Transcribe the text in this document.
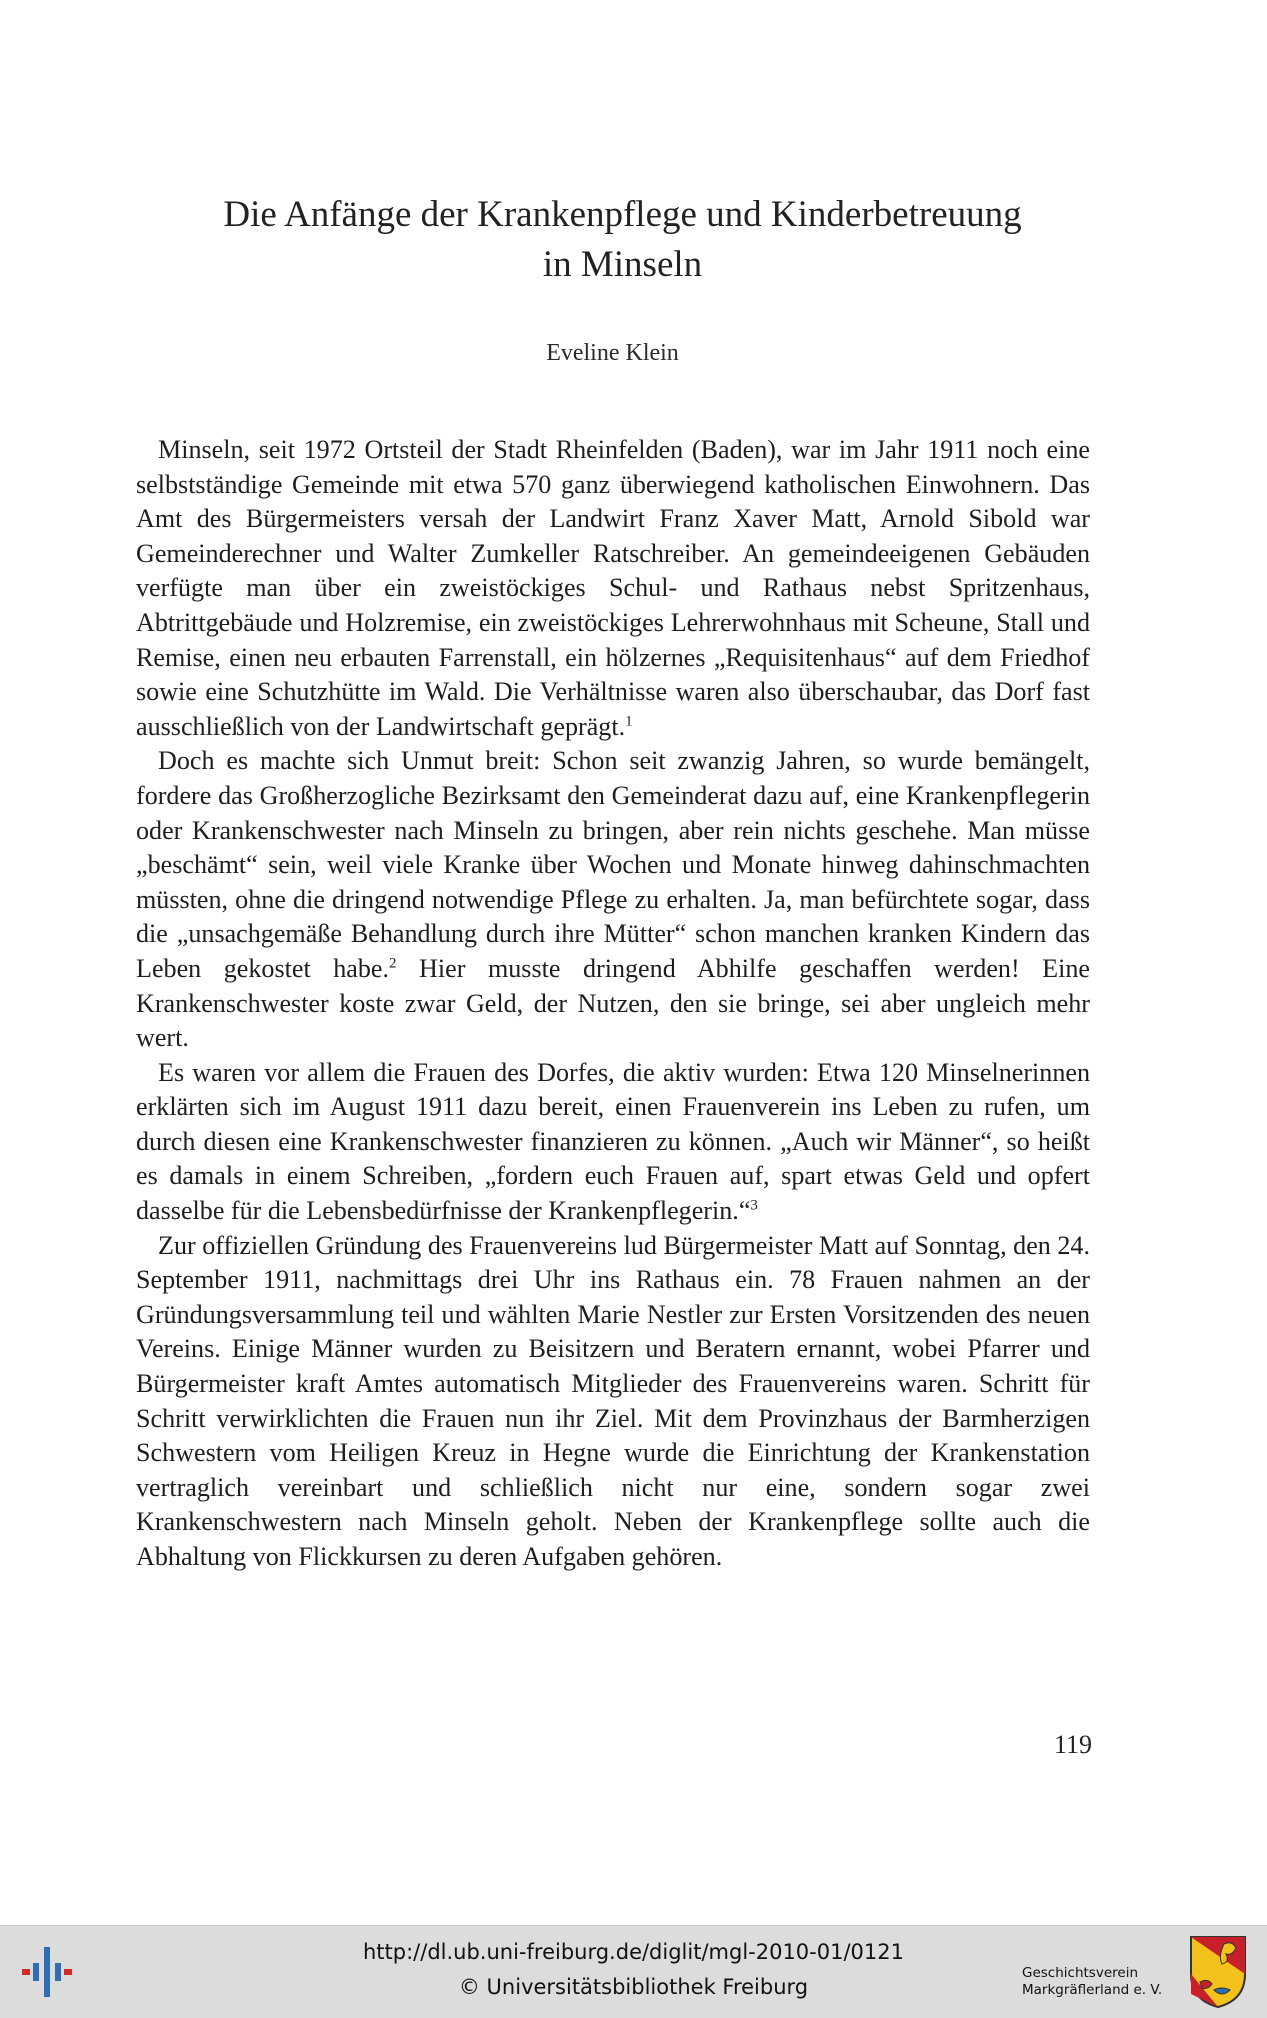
Die Anfänge der Krankenpflege und Kinderbetreuung
in Minseln
Eveline Klein

Minseln, seit 1972 Ortsteil der Stadt Rheinfelden (Baden), war im Jahr 1911 noch eine selbstständige Gemeinde mit etwa 570 ganz überwiegend katholischen Einwohnern. Das Amt des Bürgermeisters versah der Landwirt Franz Xaver Matt, Arnold Sibold war Gemeinderechner und Walter Zumkeller Ratschreiber. An gemeindeeigenen Gebäuden verfügte man über ein zweistöckiges Schul- und Rathaus nebst Spritzenhaus, Abtrittgebäude und Holzremise, ein zweistöckiges Lehrerwohnhaus mit Scheune, Stall und Remise, einen neu erbauten Farrenstall, ein hölzernes „Requisitenhaus“ auf dem Friedhof sowie eine Schutzhütte im Wald. Die Verhältnisse waren also überschaubar, das Dorf fast ausschließlich von der Landwirtschaft geprägt.$^1$

Doch es machte sich Unmut breit: Schon seit zwanzig Jahren, so wurde bemängelt, fordere das Großherzogliche Bezirksamt den Gemeinderat dazu auf, eine Krankenpflegerin oder Krankenschwester nach Minseln zu bringen, aber rein nichts geschehe. Man müsse „beschämt“ sein, weil viele Kranke über Wochen und Monate hinweg dahinschmachten müssten, ohne die dringend notwendige Pflege zu erhalten. Ja, man befürchtete sogar, dass die „unsachgemäße Behandlung durch ihre Mütter“ schon manchen kranken Kindern das Leben gekostet habe.$^2$ Hier musste dringend Abhilfe geschaffen werden! Eine Krankenschwester koste zwar Geld, der Nutzen, den sie bringe, sei aber ungleich mehr wert.

Es waren vor allem die Frauen des Dorfes, die aktiv wurden: Etwa 120 Minselnerinnen erklärten sich im August 1911 dazu bereit, einen Frauenverein ins Leben zu rufen, um durch diesen eine Krankenschwester finanzieren zu können. „Auch wir Männer“, so heißt es damals in einem Schreiben, „fordern euch Frauen auf, spart etwas Geld und opfert dasselbe für die Lebensbedürfnisse der Krankenpflegerin.“$^3$

Zur offiziellen Gründung des Frauenvereins lud Bürgermeister Matt auf Sonntag, den 24. September 1911, nachmittags drei Uhr ins Rathaus ein. 78 Frauen nahmen an der Gründungsversammlung teil und wählten Marie Nestler zur Ersten Vorsitzenden des neuen Vereins. Einige Männer wurden zu Beisitzern und Beratern ernannt, wobei Pfarrer und Bürgermeister kraft Amtes automatisch Mitglieder des Frauenvereins waren. Schritt für Schritt verwirklichten die Frauen nun ihr Ziel. Mit dem Provinzhaus der Barmherzigen Schwestern vom Heiligen Kreuz in Hegne wurde die Einrichtung der Krankenstation vertraglich vereinbart und schließlich nicht nur eine, sondern sogar zwei Krankenschwestern nach Minseln geholt. Neben der Krankenpflege sollte auch die Abhaltung von Flickkursen zu deren Aufgaben gehören.

119
http://dl.ub.uni-freiburg.de/diglit/mgl-2010-01/0121
© Universitätsbibliothek Freiburg
Geschichtsverein
Markgräflerland e. V.
